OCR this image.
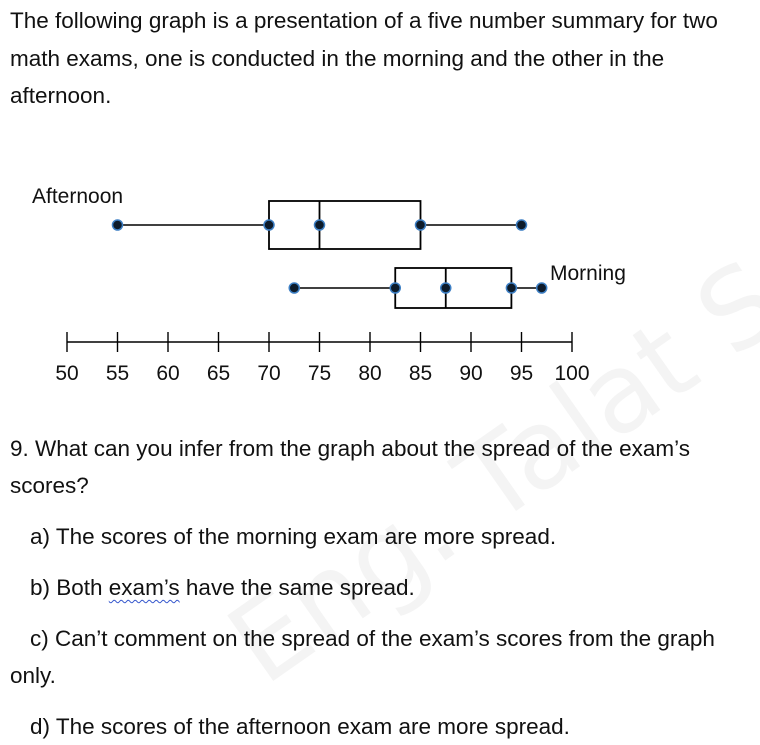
The following graph is a presentation of a five number summary for two math exams, one is conducted in the morning and the other in the afternoon.

Afternoon
Morning
50 55 60 65 70 75 80 85 90 95 100

9. What can you infer from the graph about the spread of the exam’s scores?

a) The scores of the morning exam are more spread.

b) Both exam’s have the same spread.

c) Can’t comment on the spread of the exam’s scores from the graph only.

d) The scores of the afternoon exam are more spread.
